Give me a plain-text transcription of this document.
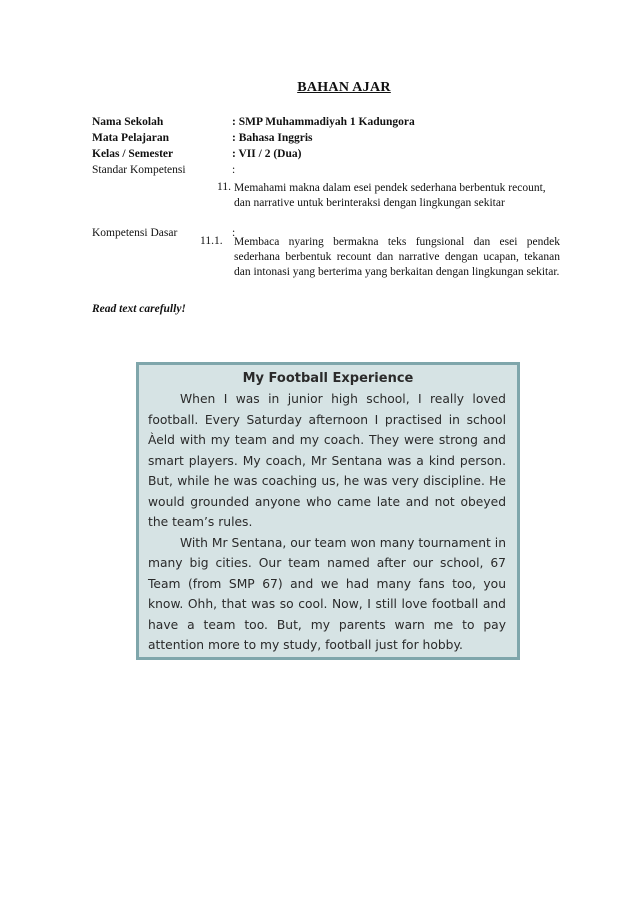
BAHAN AJAR
Nama Sekolah	: SMP Muhammadiyah 1 Kadungora
Mata Pelajaran	: Bahasa Inggris
Kelas / Semester	: VII / 2 (Dua)
Standar Kompetensi	:
11. Memahami makna dalam esei pendek sederhana berbentuk recount, dan narrative untuk berinteraksi dengan lingkungan sekitar
Kompetensi Dasar	:
11.1. Membaca nyaring bermakna teks fungsional dan esei pendek sederhana berbentuk recount dan narrative dengan ucapan, tekanan dan intonasi yang berterima yang berkaitan dengan lingkungan sekitar.
Read text carefully!
My Football Experience

When I was in junior high school, I really loved football. Every Saturday afternoon I practised in school Àeld with my team and my coach. They were strong and smart players. My coach, Mr Sentana was a kind person. But, while he was coaching us, he was very discipline. He would grounded anyone who came late and not obeyed the team’s rules.

With Mr Sentana, our team won many tournament in many big cities. Our team named after our school, 67 Team (from SMP 67) and we had many fans too, you know. Ohh, that was so cool. Now, I still love football and have a team too. But, my parents warn me to pay attention more to my study, football just for hobby.
